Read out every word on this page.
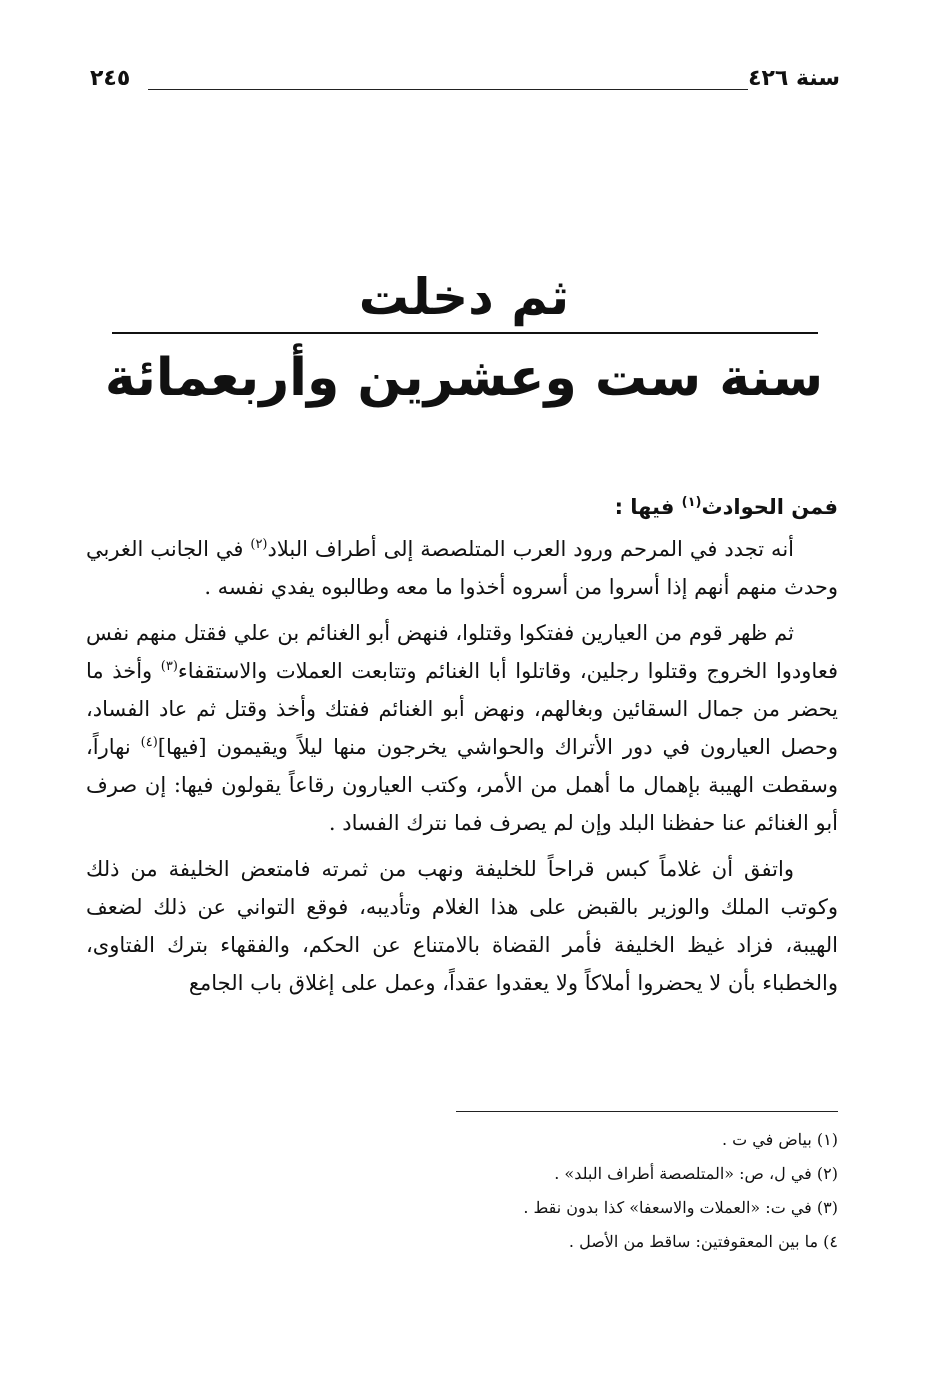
سنة ٤٢٦
٢٤٥
ثم دخلت
سنة ست وعشرين وأربعمائة

فمن الحوادث$^{(١)}$ فيها :

أنه تجدد في المرحم ورود العرب المتلصصة إلى أطراف البلاد$^{(٢)}$ في الجانب الغربي وحدث منهم أنهم إذا أسروا من أسروه أخذوا ما معه وطالبوه يفدي نفسه .

ثم ظهر قوم من العيارين ففتكوا وقتلوا، فنهض أبو الغنائم بن علي فقتل منهم نفس فعاودوا الخروج وقتلوا رجلين، وقاتلوا أبا الغنائم وتتابعت العملات والاستقفاء$^{(٣)}$ وأخذ ما يحضر من جمال السقائين وبغالهم، ونهض أبو الغنائم ففتك وأخذ وقتل ثم عاد الفساد، وحصل العيارون في دور الأتراك والحواشي يخرجون منها ليلاً ويقيمون [فيها]$^{(٤)}$ نهاراً، وسقطت الهيبة بإهمال ما أهمل من الأمر، وكتب العيارون رقاعاً يقولون فيها: إن صرف أبو الغنائم عنا حفظنا البلد وإن لم يصرف فما نترك الفساد .

واتفق أن غلاماً كبس قراحاً للخليفة ونهب من ثمرته فامتعض الخليفة من ذلك وكوتب الملك والوزير بالقبض على هذا الغلام وتأديبه، فوقع التواني عن ذلك لضعف الهيبة، فزاد غيظ الخليفة فأمر القضاة بالامتناع عن الحكم، والفقهاء بترك الفتاوى، والخطباء بأن لا يحضروا أملاكاً ولا يعقدوا عقداً، وعمل على إغلاق باب الجامع

(١) بياض في ت .
(٢) في ل، ص: «المتلصصة أطراف البلد» .
(٣) في ت: «العملات والاسعفا» كذا بدون نقط .
٤) ما بين المعقوفتين: ساقط من الأصل .
